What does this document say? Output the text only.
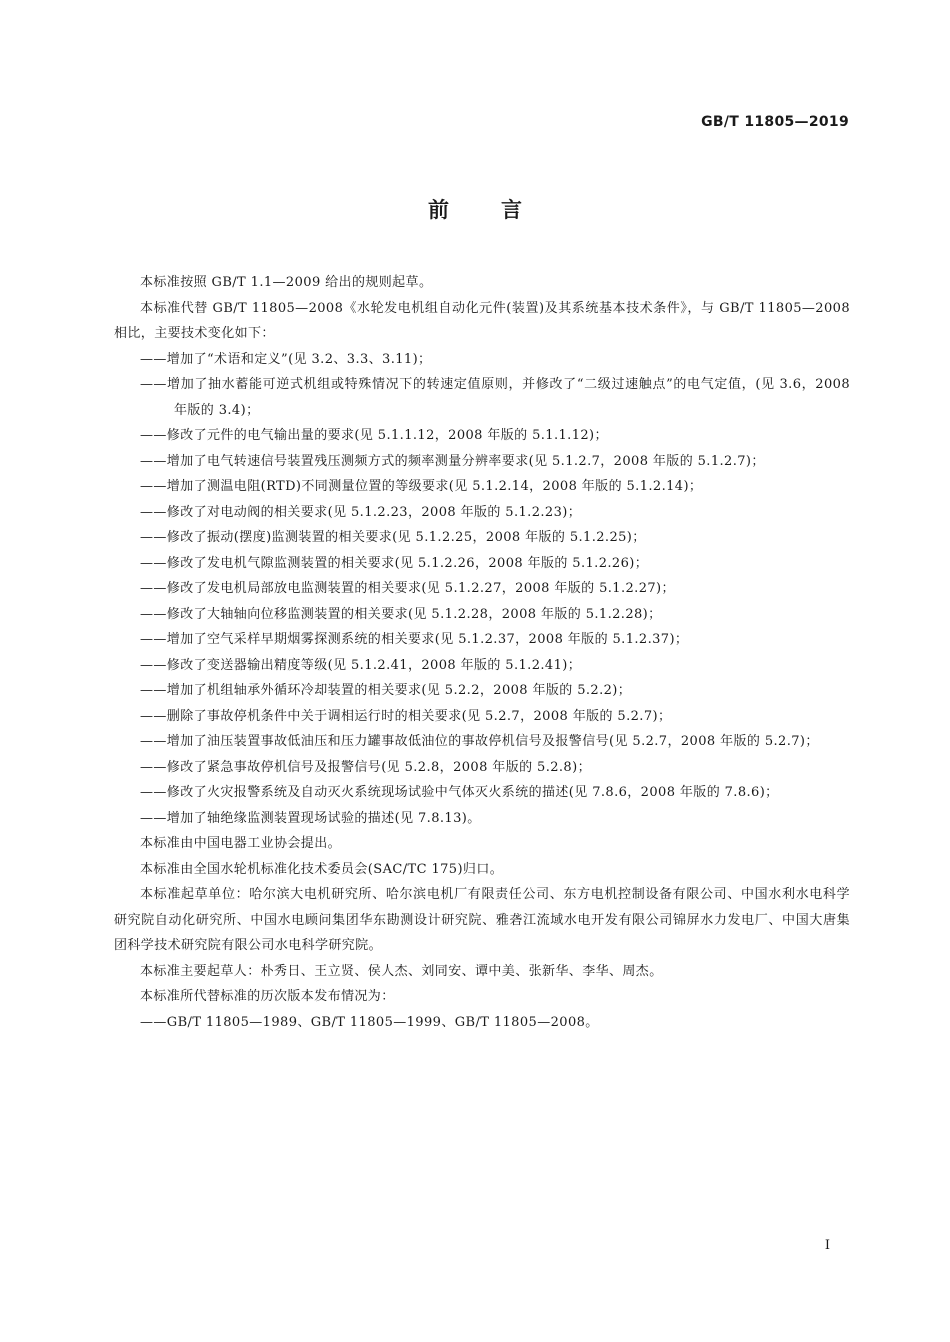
GB/T 11805—2019
前言

本标准按照 GB/T 1.1—2009 给出的规则起草。

本标准代替 GB/T 11805—2008《水轮发电机组自动化元件(装置)及其系统基本技术条件》，与 GB/T 11805—2008 相比，主要技术变化如下：

——增加了“术语和定义”(见 3.2、3.3、3.11)；

——增加了抽水蓄能可逆式机组或特殊情况下的转速定值原则，并修改了“二级过速触点”的电气定值，(见 3.6，2008 年版的 3.4)；

——修改了元件的电气输出量的要求(见 5.1.1.12，2008 年版的 5.1.1.12)；

——增加了电气转速信号装置残压测频方式的频率测量分辨率要求(见 5.1.2.7，2008 年版的 5.1.2.7)；

——增加了测温电阻(RTD)不同测量位置的等级要求(见 5.1.2.14，2008 年版的 5.1.2.14)；

——修改了对电动阀的相关要求(见 5.1.2.23，2008 年版的 5.1.2.23)；

——修改了振动(摆度)监测装置的相关要求(见 5.1.2.25，2008 年版的 5.1.2.25)；

——修改了发电机气隙监测装置的相关要求(见 5.1.2.26，2008 年版的 5.1.2.26)；

——修改了发电机局部放电监测装置的相关要求(见 5.1.2.27，2008 年版的 5.1.2.27)；

——修改了大轴轴向位移监测装置的相关要求(见 5.1.2.28，2008 年版的 5.1.2.28)；

——增加了空气采样早期烟雾探测系统的相关要求(见 5.1.2.37，2008 年版的 5.1.2.37)；

——修改了变送器输出精度等级(见 5.1.2.41，2008 年版的 5.1.2.41)；

——增加了机组轴承外循环冷却装置的相关要求(见 5.2.2，2008 年版的 5.2.2)；

——删除了事故停机条件中关于调相运行时的相关要求(见 5.2.7，2008 年版的 5.2.7)；

——增加了油压装置事故低油压和压力罐事故低油位的事故停机信号及报警信号(见 5.2.7，2008 年版的 5.2.7)；

——修改了紧急事故停机信号及报警信号(见 5.2.8，2008 年版的 5.2.8)；

——修改了火灾报警系统及自动灭火系统现场试验中气体灭火系统的描述(见 7.8.6，2008 年版的 7.8.6)；

——增加了轴绝缘监测装置现场试验的描述(见 7.8.13)。

本标准由中国电器工业协会提出。

本标准由全国水轮机标准化技术委员会(SAC/TC 175)归口。

本标准起草单位：哈尔滨大电机研究所、哈尔滨电机厂有限责任公司、东方电机控制设备有限公司、中国水利水电科学研究院自动化研究所、中国水电顾问集团华东勘测设计研究院、雅砻江流域水电开发有限公司锦屏水力发电厂、中国大唐集团科学技术研究院有限公司水电科学研究院。

本标准主要起草人：朴秀日、王立贤、侯人杰、刘同安、谭中美、张新华、李华、周杰。

本标准所代替标准的历次版本发布情况为：

——GB/T 11805—1989、GB/T 11805—1999、GB/T 11805—2008。

I
